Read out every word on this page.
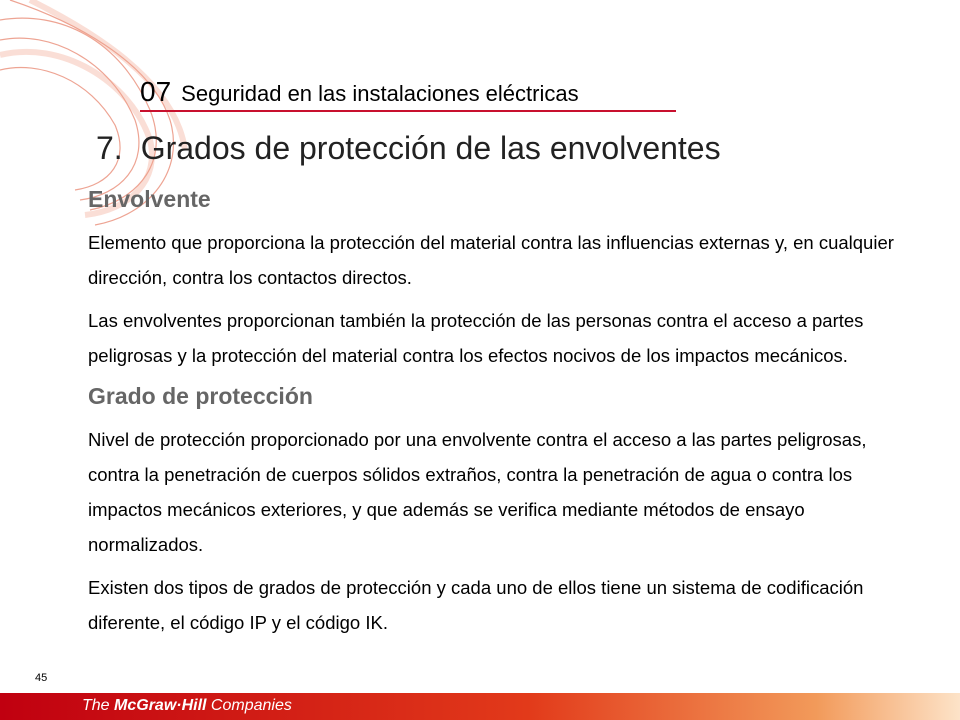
07 Seguridad en las instalaciones eléctricas
7. Grados de protección de las envolventes
Envolvente

Elemento que proporciona la protección del material contra las influencias externas y, en cualquier dirección, contra los contactos directos.

Las envolventes proporcionan también la protección de las personas contra el acceso a partes peligrosas y la protección del material contra los efectos nocivos de los impactos mecánicos.

Grado de protección

Nivel de protección proporcionado por una envolvente contra el acceso a las partes peligrosas, contra la penetración de cuerpos sólidos extraños, contra la penetración de agua o contra los impactos mecánicos exteriores, y que además se verifica mediante métodos de ensayo normalizados.

Existen dos tipos de grados de protección y cada uno de ellos tiene un sistema de codificación diferente, el código IP y el código IK.

45
The McGraw·Hill Companies
